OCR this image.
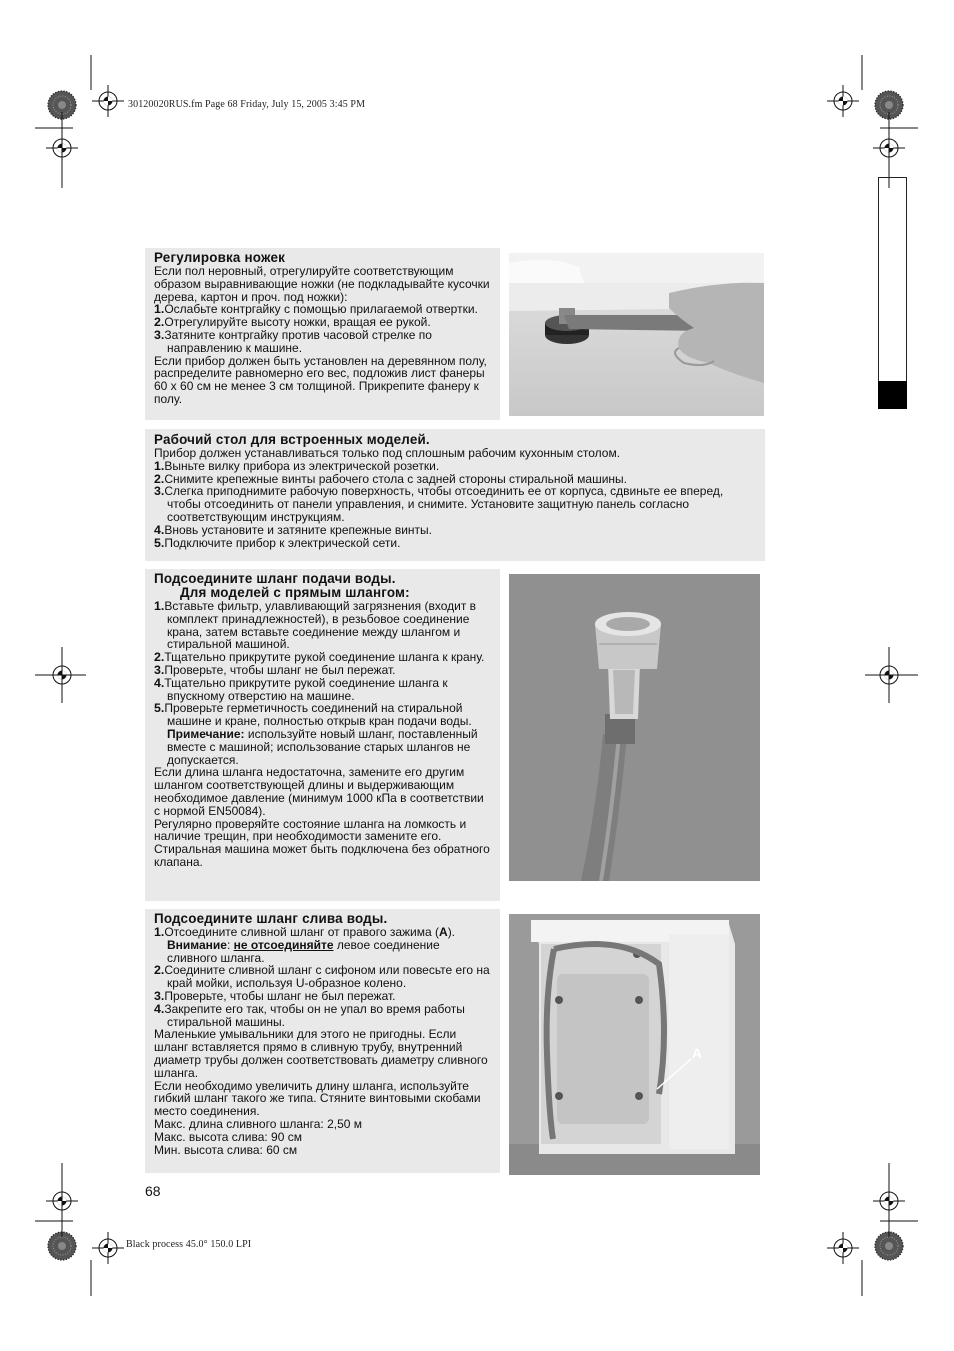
30120020RUS.fm Page 68 Friday, July 15, 2005 3:45 PM
Black process 45.0° 150.0 LPI
Регулировка ножек
Если пол неровный, отрегулируйте соответствующим образом выравнивающие ножки (не подкладывайте кусочки дерева, картон и проч. под ножки):
1.Ослабьте контргайку с помощью прилагаемой отвертки.
2.Отрегулируйте высоту ножки, вращая ее рукой.
3.Затяните контргайку против часовой стрелке по направлению к машине.
Если прибор должен быть установлен на деревянном полу, распределите равномерно его вес, подложив лист фанеры 60 x 60 см не менее 3 см толщиной. Прикрепите фанеру к полу.
Рабочий стол для встроенных моделей.
Прибор должен устанавливаться только под сплошным рабочим кухонным столом.
1.Выньте вилку прибора из электрической розетки.
2.Снимите крепежные винты рабочего стола с задней стороны стиральной машины.
3.Слегка приподнимите рабочую поверхность, чтобы отсоединить ее от корпуса, сдвиньте ее вперед, чтобы отсоединить от панели управления, и снимите. Установите защитную панель согласно соответствующим инструкциям.
4.Вновь установите и затяните крепежные винты.
5.Подключите прибор к электрической сети.
Подсоедините шланг подачи воды.
Для моделей с прямым шлангом:
1.Вставьте фильтр, улавливающий загрязнения (входит в комплект принадлежностей), в резьбовое соединение крана, затем вставьте соединение между шлангом и стиральной машиной.
2.Тщательно прикрутите рукой соединение шланга к крану.
3.Проверьте, чтобы шланг не был пережат.
4.Тщательно прикрутите рукой соединение шланга к впускному отверстию на машине.
5.Проверьте герметичность соединений на стиральной машине и кране, полностью открыв кран подачи воды.
Примечание: используйте новый шланг, поставленный вместе с машиной; использование старых шлангов не допускается.
Если длина шланга недостаточна, замените его другим шлангом соответствующей длины и выдерживающим необходимое давление (минимум 1000 кПа в соответствии с нормой EN50084).
Регулярно проверяйте состояние шланга на ломкость и наличие трещин, при необходимости замените его.
Стиральная машина может быть подключена без обратного клапана.
Подсоедините шланг слива воды.
1.Отсоедините сливной шланг от правого зажима (A).
Внимание: не отсоединяйте левое соединение сливного шланга.
2.Соедините сливной шланг с сифоном или повесьте его на край мойки, используя U-образное колено.
3.Проверьте, чтобы шланг не был пережат.
4.Закрепите его так, чтобы он не упал во время работы стиральной машины.
Маленькие умывальники для этого не пригодны. Если шланг вставляется прямо в сливную трубу, внутренний диаметр трубы должен соответствовать диаметру сливного шланга.
Если необходимо увеличить длину шланга, используйте гибкий шланг такого же типа. Стяните винтовыми скобами место соединения.
Макс. длина сливного шланга: 2,50 м
Макс. высота слива: 90 см
Мин. высота слива: 60 см
A
68
